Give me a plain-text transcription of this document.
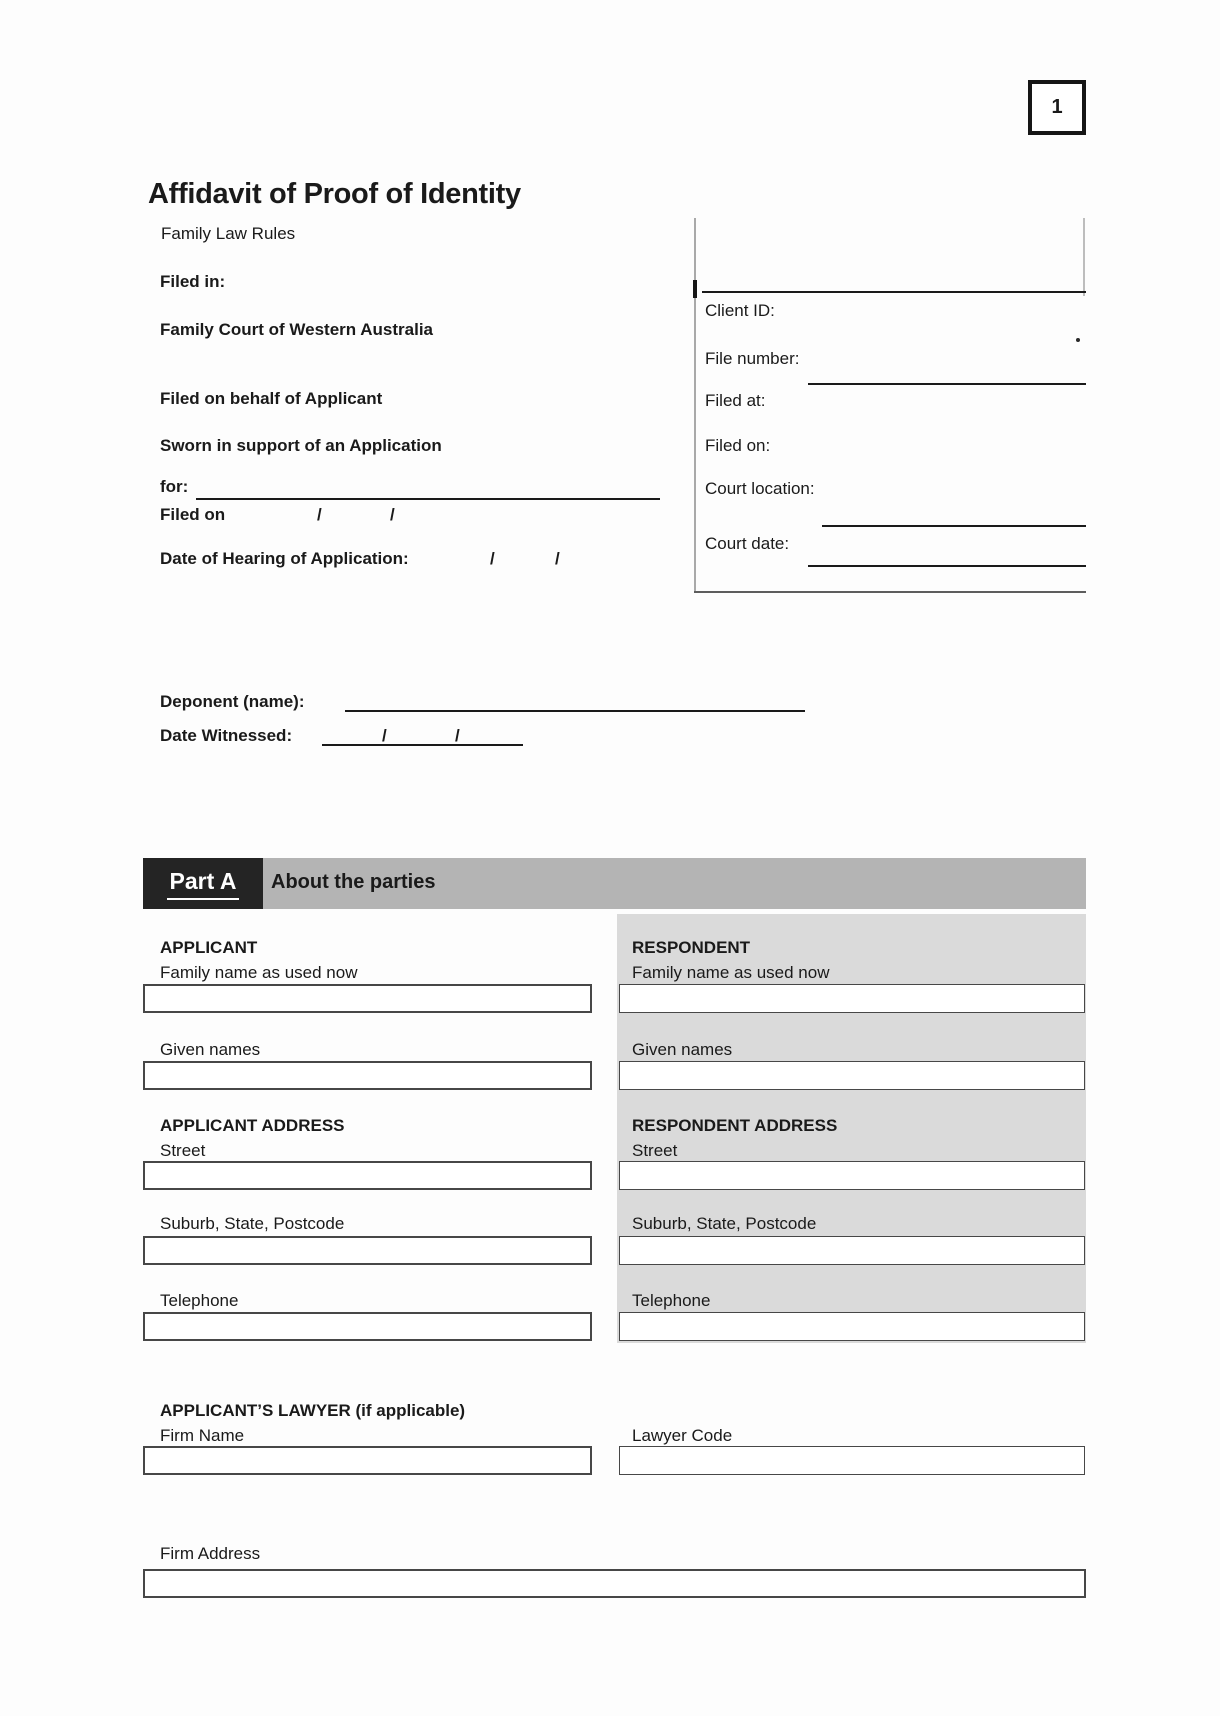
1
Affidavit of Proof of Identity
Family Law Rules
Filed in:
Family Court of Western Australia
Filed on behalf of Applicant
Sworn in support of an Application
for:
Filed on	/	/
Date of Hearing of Application:	/	/
Client ID:
File number:
Filed at:
Filed on:
Court location:
Court date:
Deponent (name):
Date Witnessed:	/	/
Part A About the parties
APPLICANT
Family name as used now
Given names
APPLICANT ADDRESS
Street
Suburb, State, Postcode
Telephone
RESPONDENT
Family name as used now
Given names
RESPONDENT ADDRESS
Street
Suburb, State, Postcode
Telephone
APPLICANT’S LAWYER (if applicable)
Firm Name	Lawyer Code
Firm Address
